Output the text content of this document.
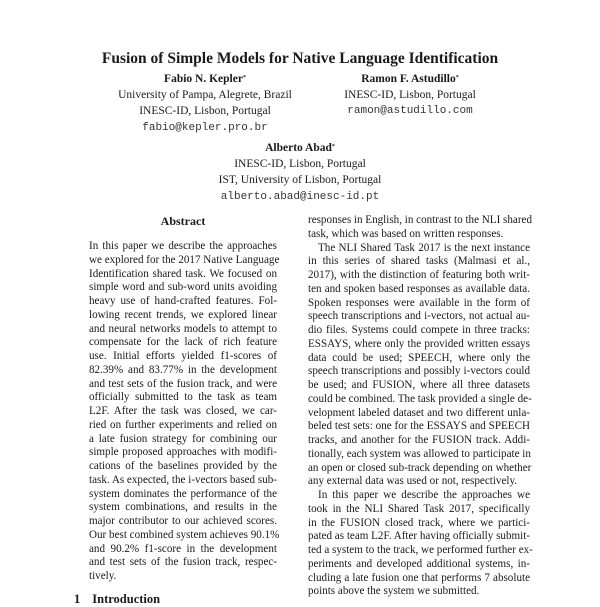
Fusion of Simple Models for Native Language Identification
Fabio N. Kepler*
University of Pampa, Alegrete, Brazil
INESC-ID, Lisbon, Portugal
fabio@kepler.pro.br
Ramon F. Astudillo*
INESC-ID, Lisbon, Portugal
ramon@astudillo.com
Alberto Abad*
INESC-ID, Lisbon, Portugal
IST, University of Lisbon, Portugal
alberto.abad@inesc-id.pt
Abstract
In this paper we describe the approaches
we explored for the 2017 Native Language
Identification shared task. We focused on
simple word and sub-word units avoiding
heavy use of hand-crafted features. Fol-
lowing recent trends, we explored linear
and neural networks models to attempt to
compensate for the lack of rich feature
use. Initial efforts yielded f1-scores of
82.39% and 83.77% in the development
and test sets of the fusion track, and were
officially submitted to the task as team
L2F. After the task was closed, we car-
ried on further experiments and relied on
a late fusion strategy for combining our
simple proposed approaches with modifi-
cations of the baselines provided by the
task. As expected, the i-vectors based sub-
system dominates the performance of the
system combinations, and results in the
major contributor to our achieved scores.
Our best combined system achieves 90.1%
and 90.2% f1-score in the development
and test sets of the fusion track, respec-
tively.
responses in English, in contrast to the NLI shared
task, which was based on written responses.
The NLI Shared Task 2017 is the next instance
in this series of shared tasks (Malmasi et al.,
2017), with the distinction of featuring both writ-
ten and spoken based responses as available data.
Spoken responses were available in the form of
speech transcriptions and i-vectors, not actual au-
dio files. Systems could compete in three tracks:
ESSAYS, where only the provided written essays
data could be used; SPEECH, where only the
speech transcriptions and possibly i-vectors could
be used; and FUSION, where all three datasets
could be combined. The task provided a single de-
velopment labeled dataset and two different unla-
beled test sets: one for the ESSAYS and SPEECH
tracks, and another for the FUSION track. Addi-
tionally, each system was allowed to participate in
an open or closed sub-track depending on whether
any external data was used or not, respectively.
In this paper we describe the approaches we
took in the NLI Shared Task 2017, specifically
in the FUSION closed track, where we partici-
pated as team L2F. After having officially submit-
ted a system to the track, we performed further ex-
periments and developed additional systems, in-
cluding a late fusion one that performs 7 absolute
points above the system we submitted.
1 Introduction
